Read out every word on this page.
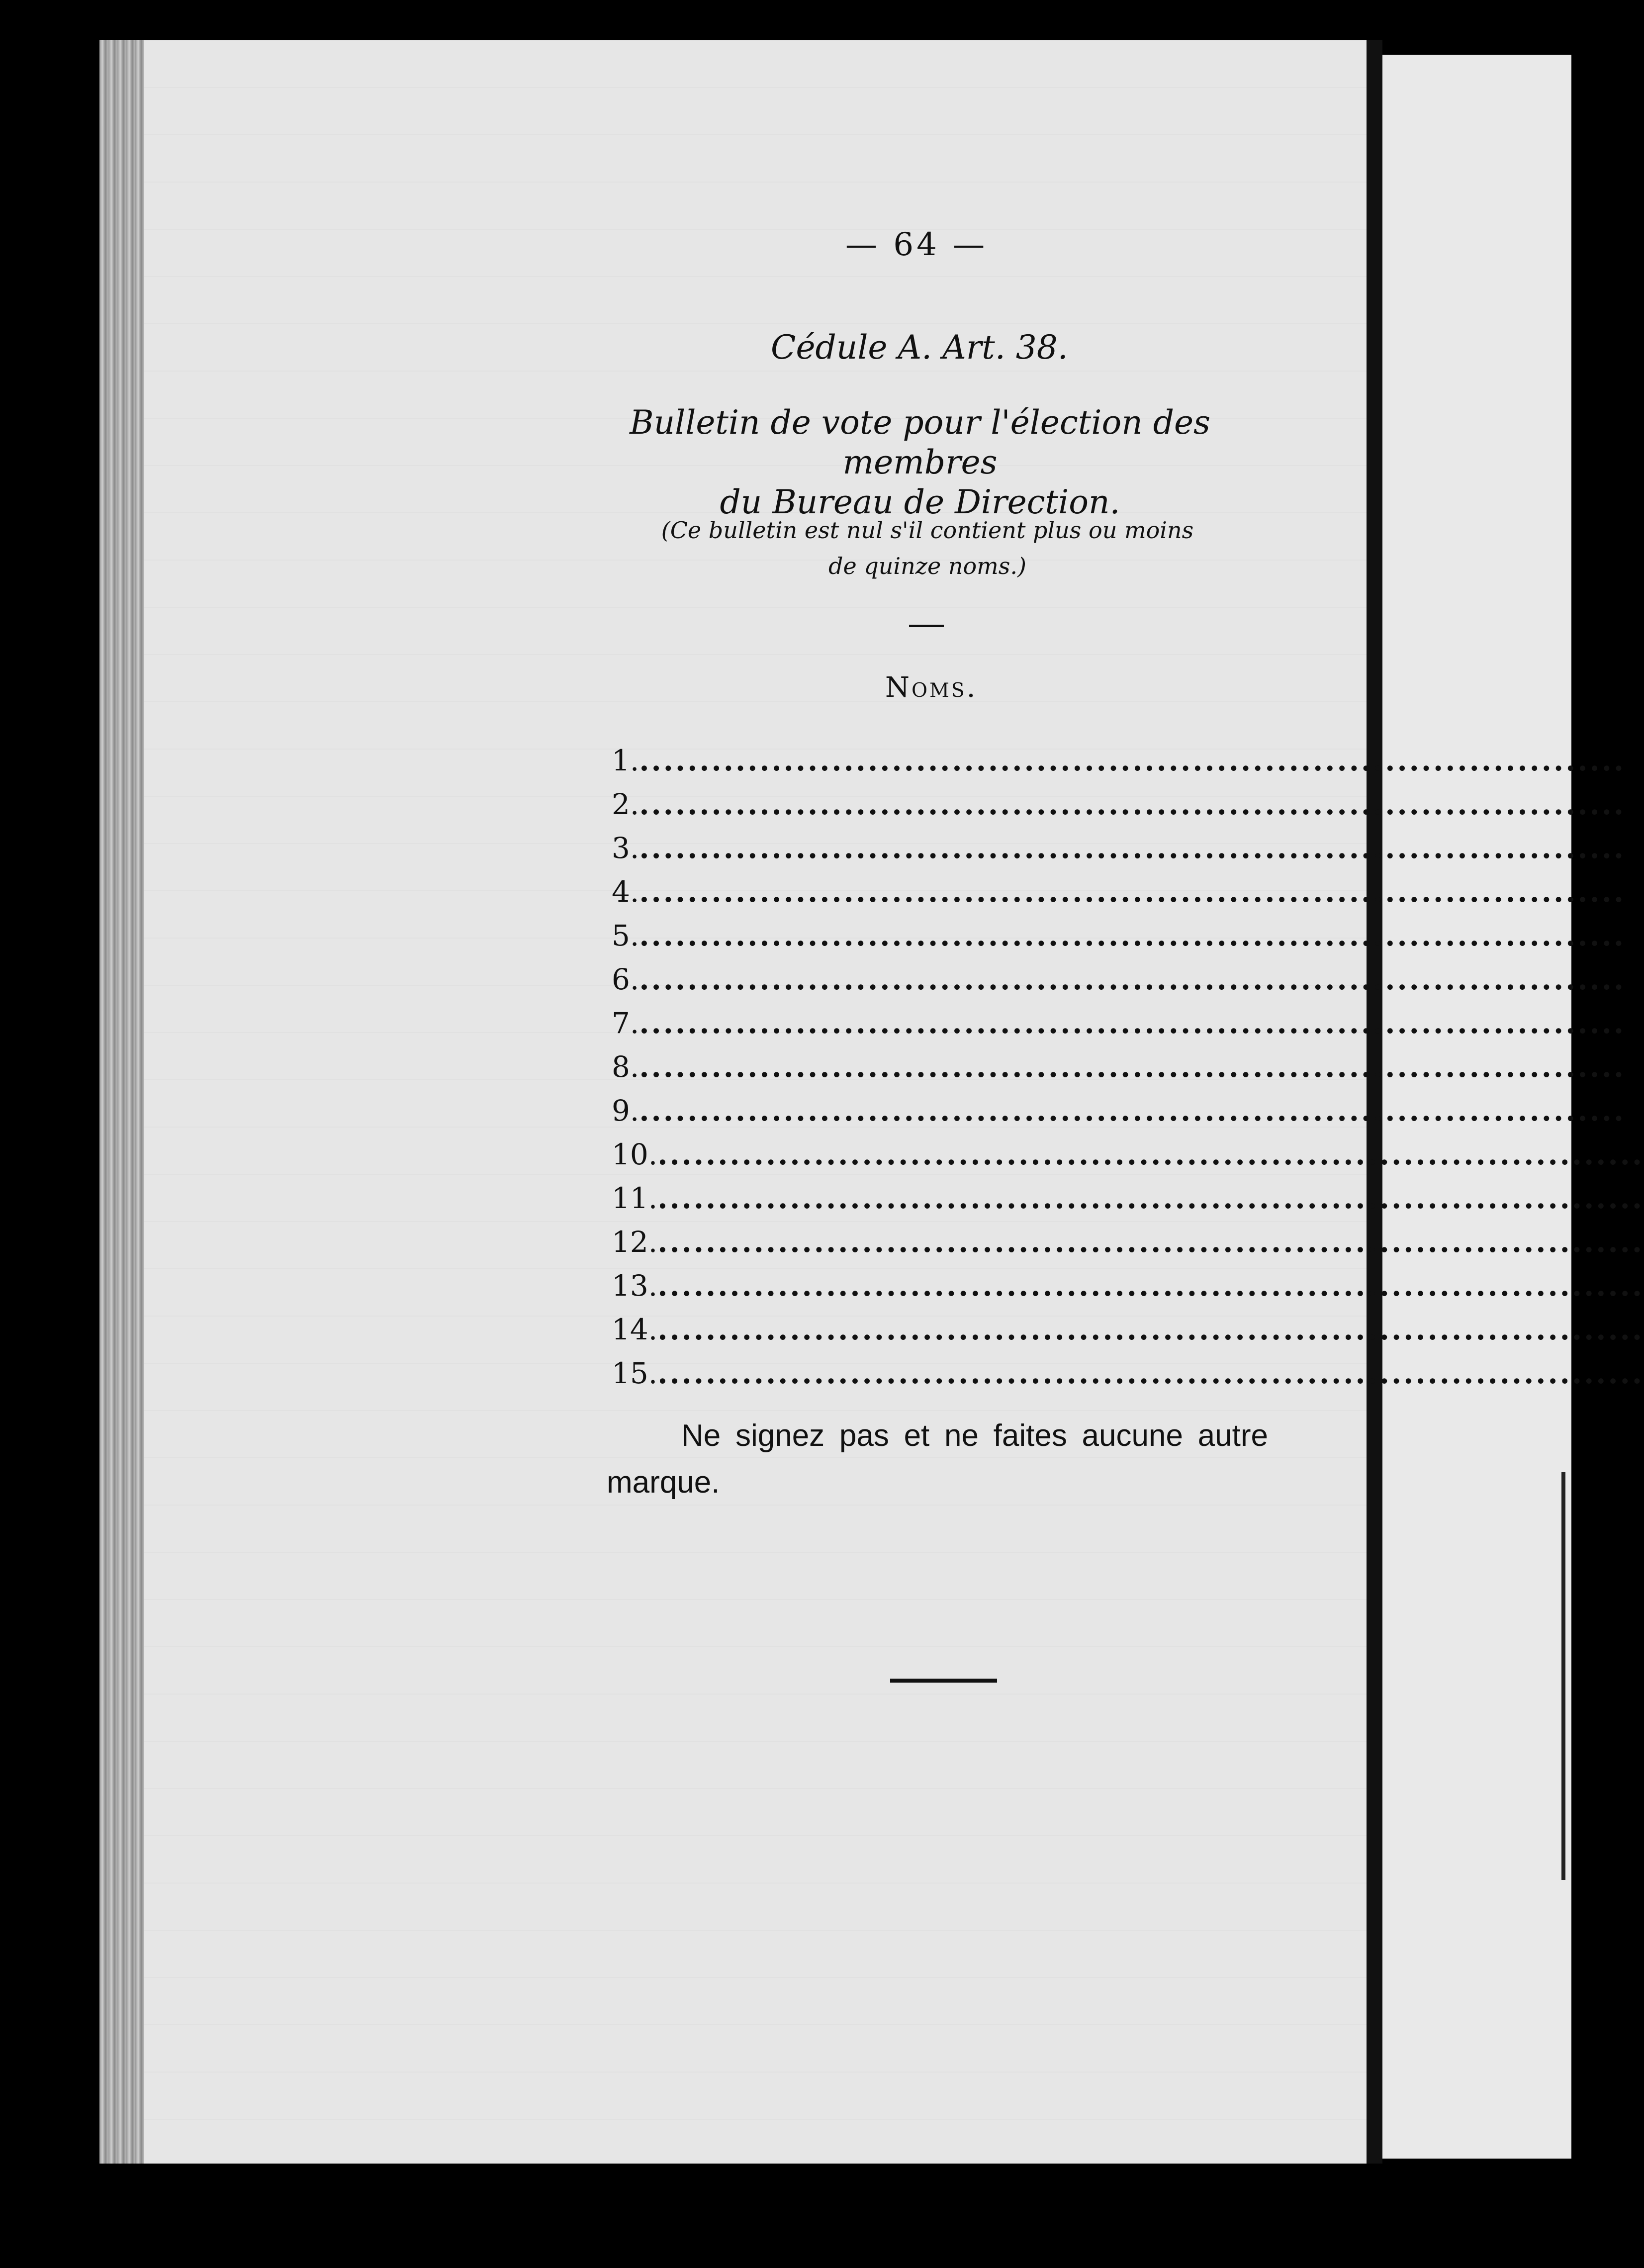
— 64 —
Cédule A. Art. 38.
Bulletin de vote pour l'élection des membres
du Bureau de Direction.
(Ce bulletin est nul s'il contient plus ou moins
de quinze noms.)
Noms.
1. ..................................................................................
2. ..................................................................................
3. ..................................................................................
4. ..................................................................................
5. ..................................................................................
6. ..................................................................................
7. ..................................................................................
8. ..................................................................................
9. ..................................................................................
10. ..................................................................................
11. ..................................................................................
12. ..................................................................................
13. ..................................................................................
14. ..................................................................................
15. ..................................................................................
Ne signez pas et ne faites aucune autre marque.
